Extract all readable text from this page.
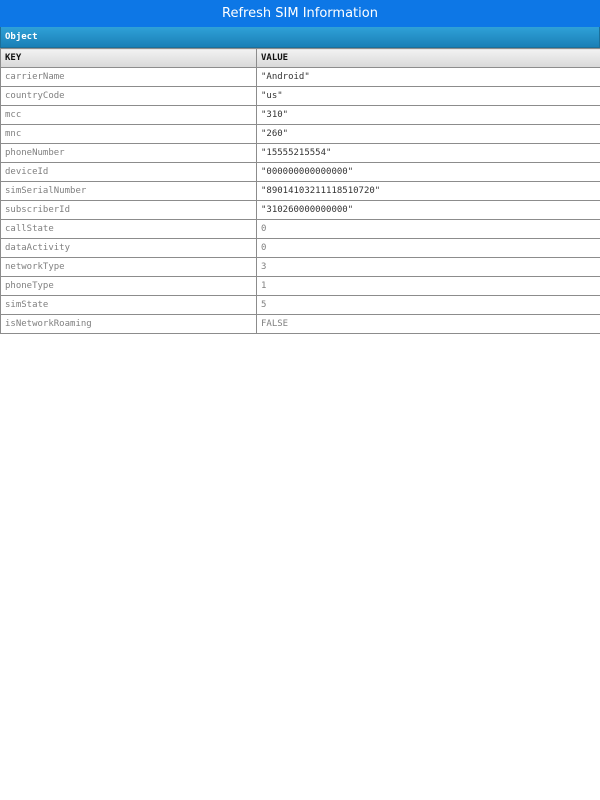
Refresh SIM Information
Object
KEY	VALUE
carrierName	"Android"
countryCode	"us"
mcc	"310"
mnc	"260"
phoneNumber	"15555215554"
deviceId	"000000000000000"
simSerialNumber	"89014103211118510720"
subscriberId	"310260000000000"
callState	0
dataActivity	0
networkType	3
phoneType	1
simState	5
isNetworkRoaming	FALSE
